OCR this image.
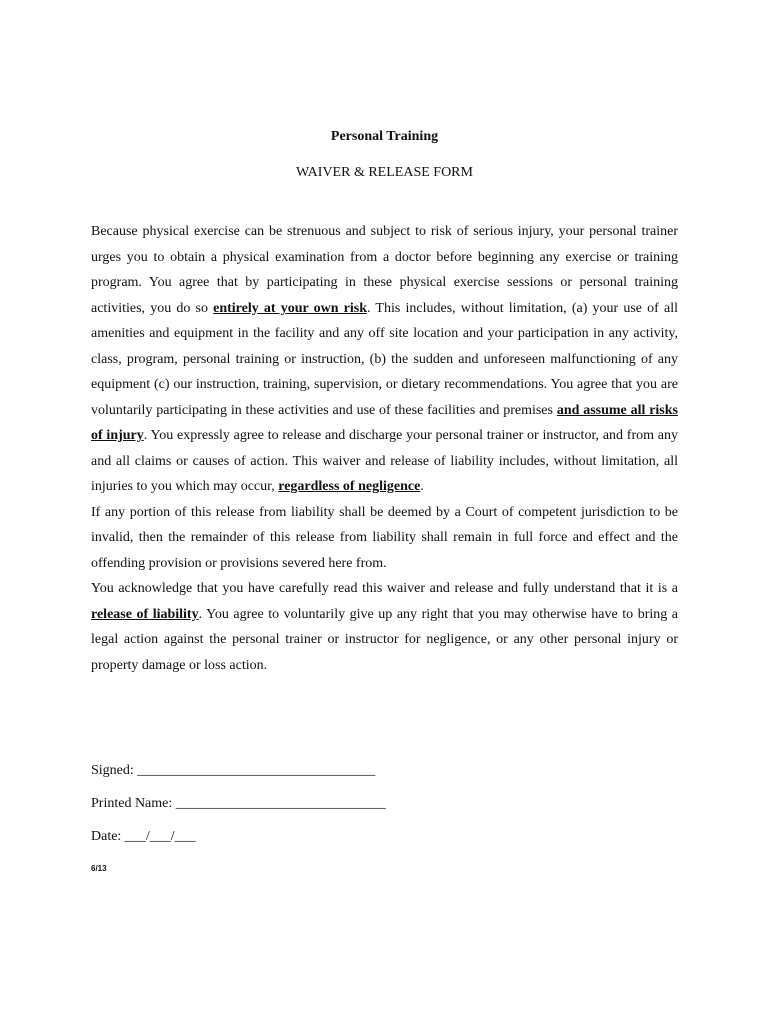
Personal Training
WAIVER & RELEASE FORM

Because physical exercise can be strenuous and subject to risk of serious injury, your personal trainer urges you to obtain a physical examination from a doctor before beginning any exercise or training program. You agree that by participating in these physical exercise sessions or personal training activities, you do so entirely at your own risk. This includes, without limitation, (a) your use of all amenities and equipment in the facility and any off site location and your participation in any activity, class, program, personal training or instruction, (b) the sudden and unforeseen malfunctioning of any equipment (c) our instruction, training, supervision, or dietary recommendations. You agree that you are voluntarily participating in these activities and use of these facilities and premises and assume all risks of injury. You expressly agree to release and discharge your personal trainer or instructor, and from any and all claims or causes of action. This waiver and release of liability includes, without limitation, all injuries to you which may occur, regardless of negligence.

If any portion of this release from liability shall be deemed by a Court of competent jurisdiction to be invalid, then the remainder of this release from liability shall remain in full force and effect and the offending provision or provisions severed here from.

You acknowledge that you have carefully read this waiver and release and fully understand that it is a release of liability. You agree to voluntarily give up any right that you may otherwise have to bring a legal action against the personal trainer or instructor for negligence, or any other personal injury or property damage or loss action.

Signed: __________________________________
Printed Name: ______________________________
Date: ___/___/___
6/13
